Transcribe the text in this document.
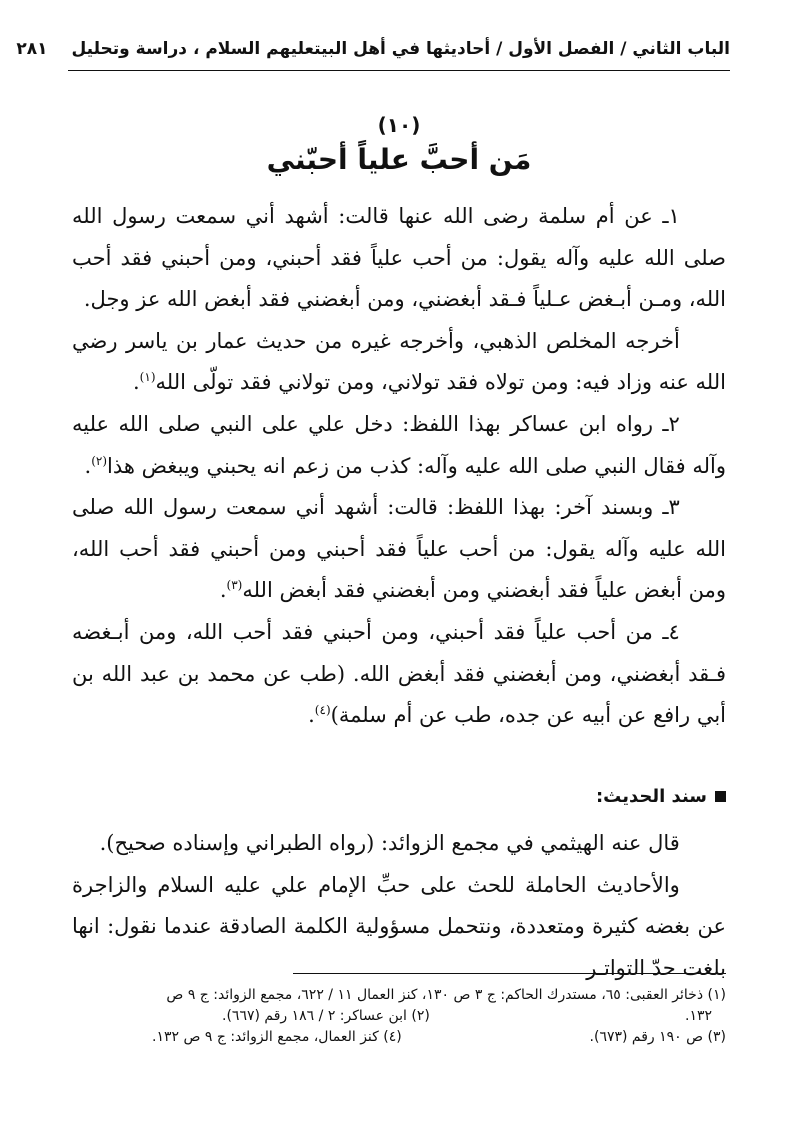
الباب الثاني / الفصل الأول / أحاديثها في أهل البيتعليهم السلام ، دراسة وتحليل
٢٨١
(١٠)
مَن أحبَّ علياً أحبّني

١ـ عن أم سلمة رضى الله عنها قالت: أشهد أني سمعت رسول الله صلى الله عليه وآله يقول: من أحب علياً فقد أحبني، ومن أحبني فقد أحب الله، ومـن أبـغض عـلياً فـقد أبغضني، ومن أبغضني فقد أبغض الله عز وجل.

أخرجه المخلص الذهبي، وأخرجه غيره من حديث عمار بن ياسر رضي الله عنه وزاد فيه: ومن تولاه فقد تولاني، ومن تولاني فقد تولّى الله$^{(١)}$.

٢ـ رواه ابن عساكر بهذا اللفظ: دخل علي على النبي صلى الله عليه وآله فقال النبي صلى الله عليه وآله: كذب من زعم انه يحبني ويبغض هذا$^{(٢)}$.

٣ـ وبسند آخر: بهذا اللفظ: قالت: أشهد أني سمعت رسول الله صلى الله عليه وآله يقول: من أحب علياً فقد أحبني ومن أحبني فقد أحب الله، ومن أبغض علياً فقد أبغضني ومن أبغضني فقد أبغض الله$^{(٣)}$.

٤ـ من أحب علياً فقد أحبني، ومن أحبني فقد أحب الله، ومن أبـغضه فـقد أبغضني، ومن أبغضني فقد أبغض الله. (طب عن محمد بن عبد الله بن أبي رافع عن أبيه عن جده، طب عن أم سلمة)$^{(٤)}$.

سند الحديث:

قال عنه الهيثمي في مجمع الزوائد: (رواه الطبراني وإسناده صحيح).

والأحاديث الحاملة للحث على حبِّ الإمام علي عليه السلام والزاجرة عن بغضه كثيرة ومتعددة، ونتحمل مسؤولية الكلمة الصادقة عندما نقول: انها بلغت حدّ التواتـر

(١) ذخائر العقبى: ٦٥، مستدرك الحاكم: ج ٣ ص ١٣٠، كنز العمال ١١ / ٦٢٢، مجمع الزوائد: ج ٩ ص
١٣٢.
(٢) ابن عساكر: ٢ / ١٨٦ رقم (٦٦٧).
(٣) ص ١٩٠ رقم (٦٧٣).
(٤) كنز العمال، مجمع الزوائد: ج ٩ ص ١٣٢.
